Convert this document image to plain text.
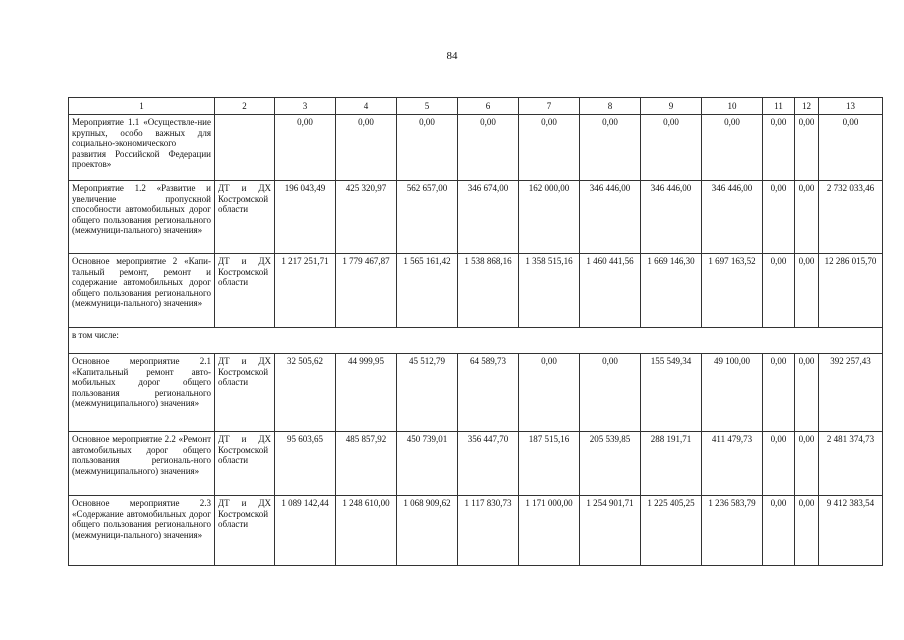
84
1	2	3	4	5	6	7	8	9	10	11	12	13
Мероприятие 1.1 «Осуществле-ние крупных, особо важных для социально-экономического развития Российской Федерации проектов»		0,00	0,00	0,00	0,00	0,00	0,00	0,00	0,00	0,00	0,00	0,00
Мероприятие 1.2 «Развитие и увеличение пропускной способности автомобильных дорог общего пользования регионального (межмуници-пального) значения»	ДТ и ДХ Костромской области	196 043,49	425 320,97	562 657,00	346 674,00	162 000,00	346 446,00	346 446,00	346 446,00	0,00	0,00	2 732 033,46
Основное мероприятие 2 «Капи-тальный ремонт, ремонт и содержание автомобильных дорог общего пользования регионального (межмуници-пального) значения»	ДТ и ДХ Костромской области	1 217 251,71	1 779 467,87	1 565 161,42	1 538 868,16	1 358 515,16	1 460 441,56	1 669 146,30	1 697 163,52	0,00	0,00	12 286 015,70
в том числе:												
Основное мероприятие 2.1 «Капитальный ремонт авто-мобильных дорог общего пользования регионального (межмуниципального) значения»	ДТ и ДХ Костромской области	32 505,62	44 999,95	45 512,79	64 589,73	0,00	0,00	155 549,34	49 100,00	0,00	0,00	392 257,43
Основное мероприятие 2.2 «Ремонт автомобильных дорог общего пользования региональ-ного (межмуниципального) значения»	ДТ и ДХ Костромской области	95 603,65	485 857,92	450 739,01	356 447,70	187 515,16	205 539,85	288 191,71	411 479,73	0,00	0,00	2 481 374,73
Основное мероприятие 2.3 «Содержание автомобильных дорог общего пользования регионального (межмуници-пального) значения»	ДТ и ДХ Костромской области	1 089 142,44	1 248 610,00	1 068 909,62	1 117 830,73	1 171 000,00	1 254 901,71	1 225 405,25	1 236 583,79	0,00	0,00	9 412 383,54
